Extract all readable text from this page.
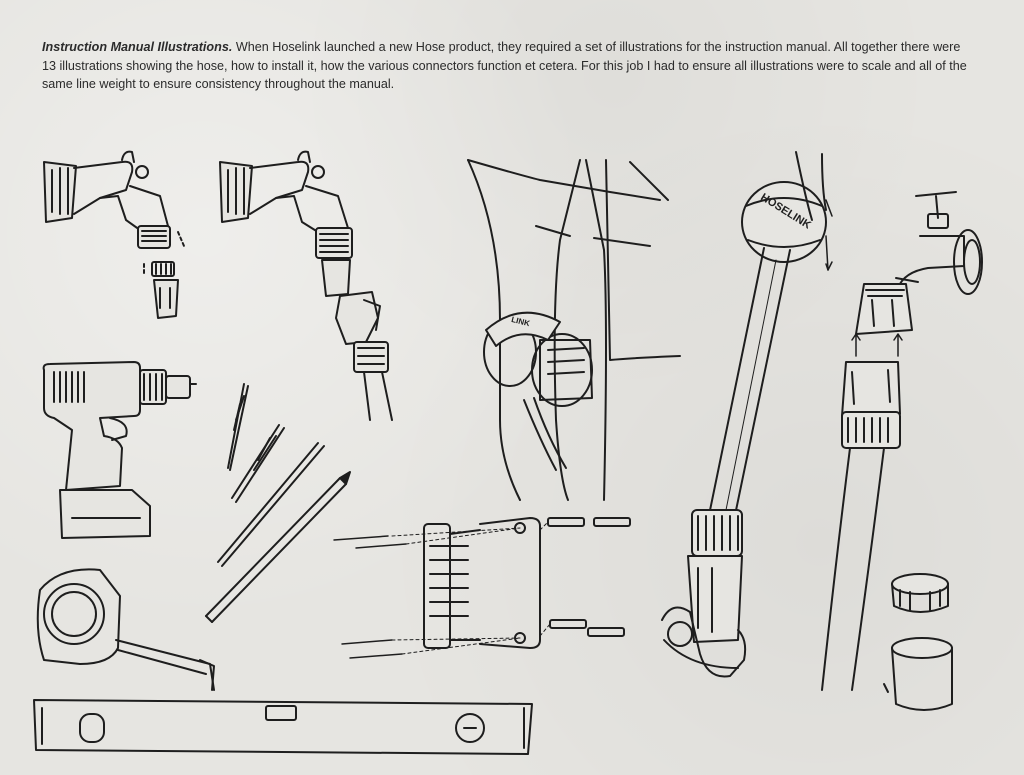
Instruction Manual Illustrations. When Hoselink launched a new Hose product, they required a set of illustrations for the instruction manual. All together there were 13 illustrations showing the hose, how to install it, how the various connectors function et cetera. For this job I had to ensure all illustrations were to scale and all of the same line weight to ensure consistency throughout the manual.

HOSELINK
LINK
